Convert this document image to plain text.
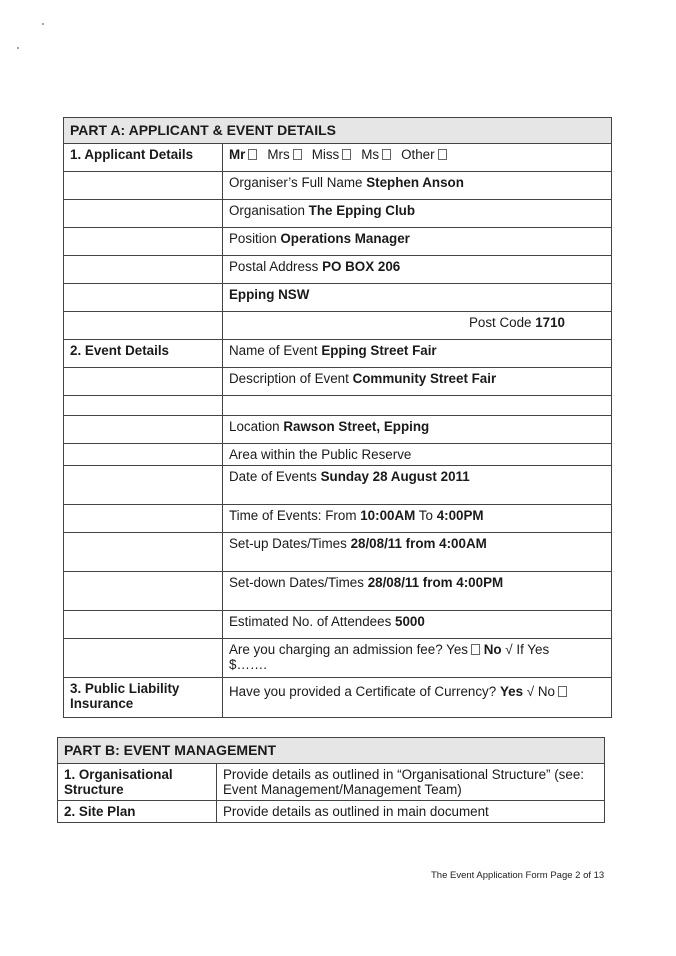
PART A: APPLICANT & EVENT DETAILS	
1. Applicant Details	Mr Mrs Miss Ms Other
	Organiser’s Full Name Stephen Anson
	Organisation The Epping Club
	Position Operations Manager
	Postal Address PO BOX 206
	Epping NSW
	Post Code 1710
2. Event Details	Name of Event Epping Street Fair
	Description of Event Community Street Fair

	Location Rawson Street, Epping
	Area within the Public Reserve
	Date of Events Sunday 28 August 2011
	Time of Events: From 10:00AM To 4:00PM
	Set-up Dates/Times 28/08/11 from 4:00AM
	Set-down Dates/Times 28/08/11 from 4:00PM
	Estimated No. of Attendees 5000
	Are you charging an admission fee? Yes No √ If Yes
$…….
3. Public Liability Insurance	Have you provided a Certificate of Currency? Yes √ No
PART B: EVENT MANAGEMENT	
1. Organisational Structure	Provide details as outlined in “Organisational Structure” (see: Event Management/Management Team)
2. Site Plan	Provide details as outlined in main document
The Event Application Form Page 2 of 13
